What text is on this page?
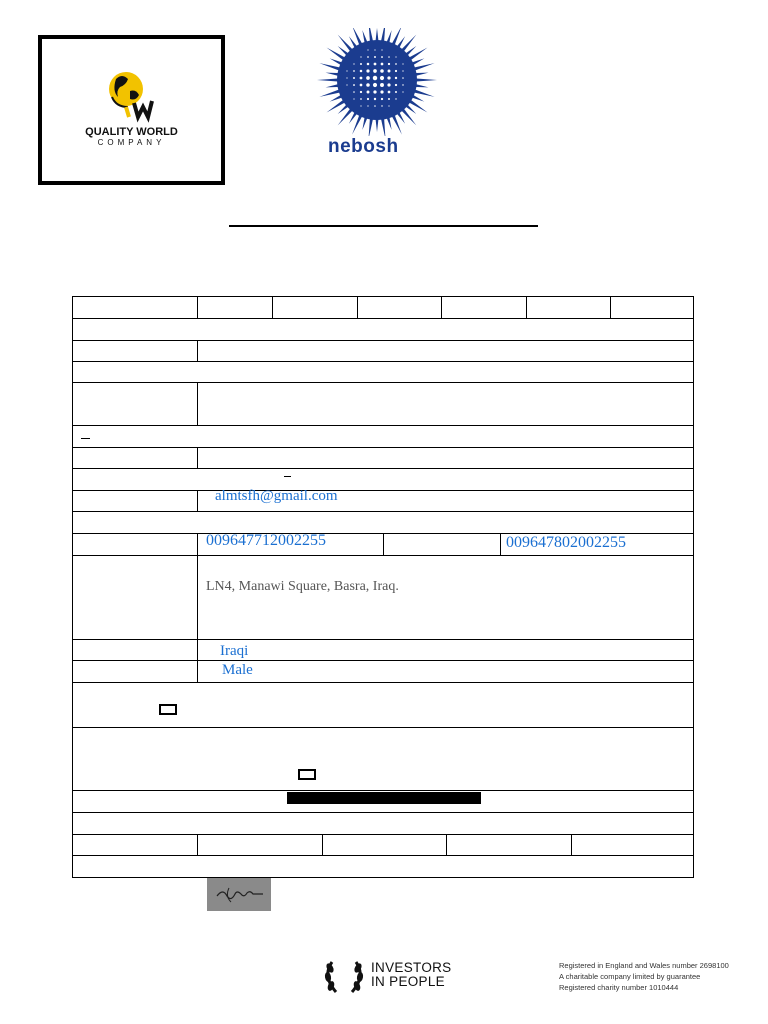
QUALITY WORLD
COMPANY	nebosh
almtsfh@gmail.com
009647712002255	009647802002255
LN4, Manawi Square, Basra, Iraq.
Iraqi
Male
INVESTORS
IN PEOPLE
Registered in England and Wales number 2698100
A charitable company limited by guarantee
Registered charity number 1010444
